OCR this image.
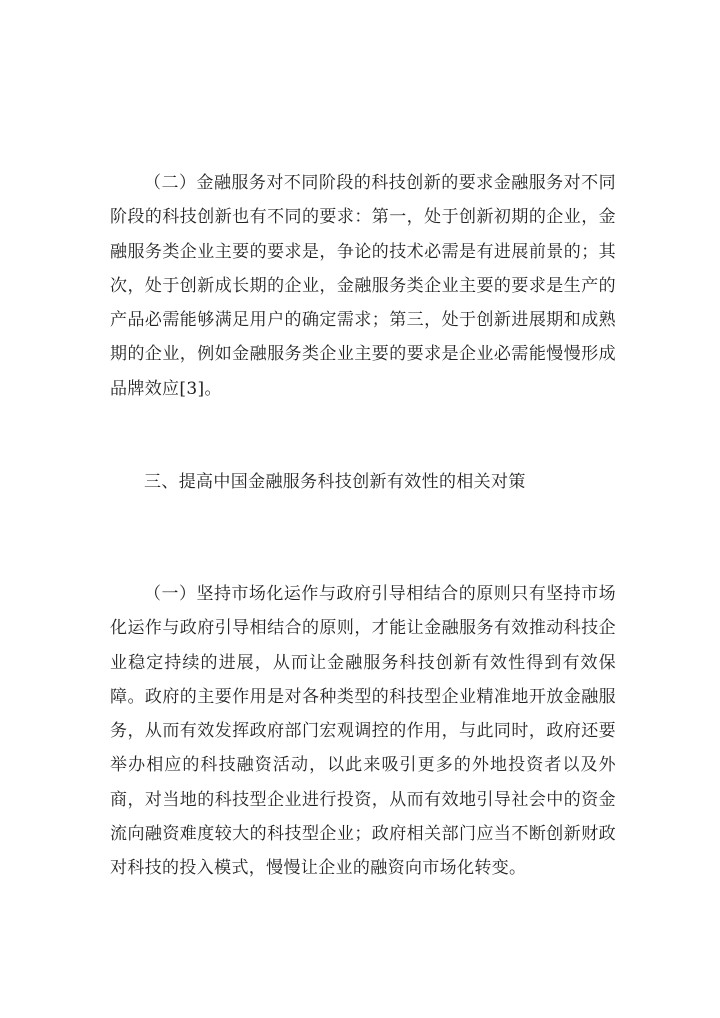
（二）金融服务对不同阶段的科技创新的要求金融服务对不同阶段的科技创新也有不同的要求：第一，处于创新初期的企业，金融服务类企业主要的要求是，争论的技术必需是有进展前景的；其次，处于创新成长期的企业，金融服务类企业主要的要求是生产的产品必需能够满足用户的确定需求；第三，处于创新进展期和成熟期的企业，例如金融服务类企业主要的要求是企业必需能慢慢形成品牌效应[3]。

三、提高中国金融服务科技创新有效性的相关对策

（一）坚持市场化运作与政府引导相结合的原则只有坚持市场化运作与政府引导相结合的原则，才能让金融服务有效推动科技企业稳定持续的进展，从而让金融服务科技创新有效性得到有效保障。政府的主要作用是对各种类型的科技型企业精准地开放金融服务，从而有效发挥政府部门宏观调控的作用，与此同时，政府还要举办相应的科技融资活动，以此来吸引更多的外地投资者以及外商，对当地的科技型企业进行投资，从而有效地引导社会中的资金流向融资难度较大的科技型企业；政府相关部门应当不断创新财政对科技的投入模式，慢慢让企业的融资向市场化转变。
